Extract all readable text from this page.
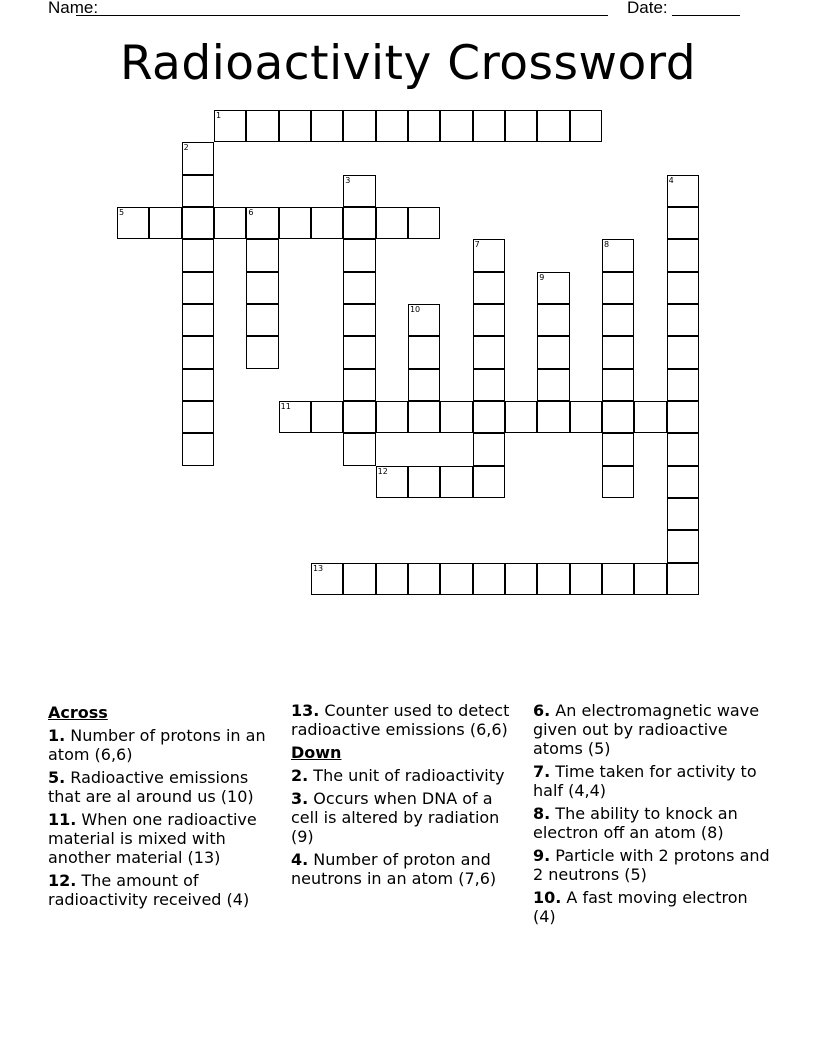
Name:	Date:
Radioactivity Crossword
1
2
3	4
5	6
7	8
9
10
11
12
13
Across
1. Number of protons in an atom (6,6)
5. Radioactive emissions that are al around us (10)
11. When one radioactive material is mixed with another material (13)
12. The amount of radioactivity received (4)
13. Counter used to detect radioactive emissions (6,6)
Down
2. The unit of radioactivity
3. Occurs when DNA of a cell is altered by radiation (9)
4. Number of proton and neutrons in an atom (7,6)
6. An electromagnetic wave given out by radioactive atoms (5)
7. Time taken for activity to half (4,4)
8. The ability to knock an electron off an atom (8)
9. Particle with 2 protons and 2 neutrons (5)
10. A fast moving electron (4)
